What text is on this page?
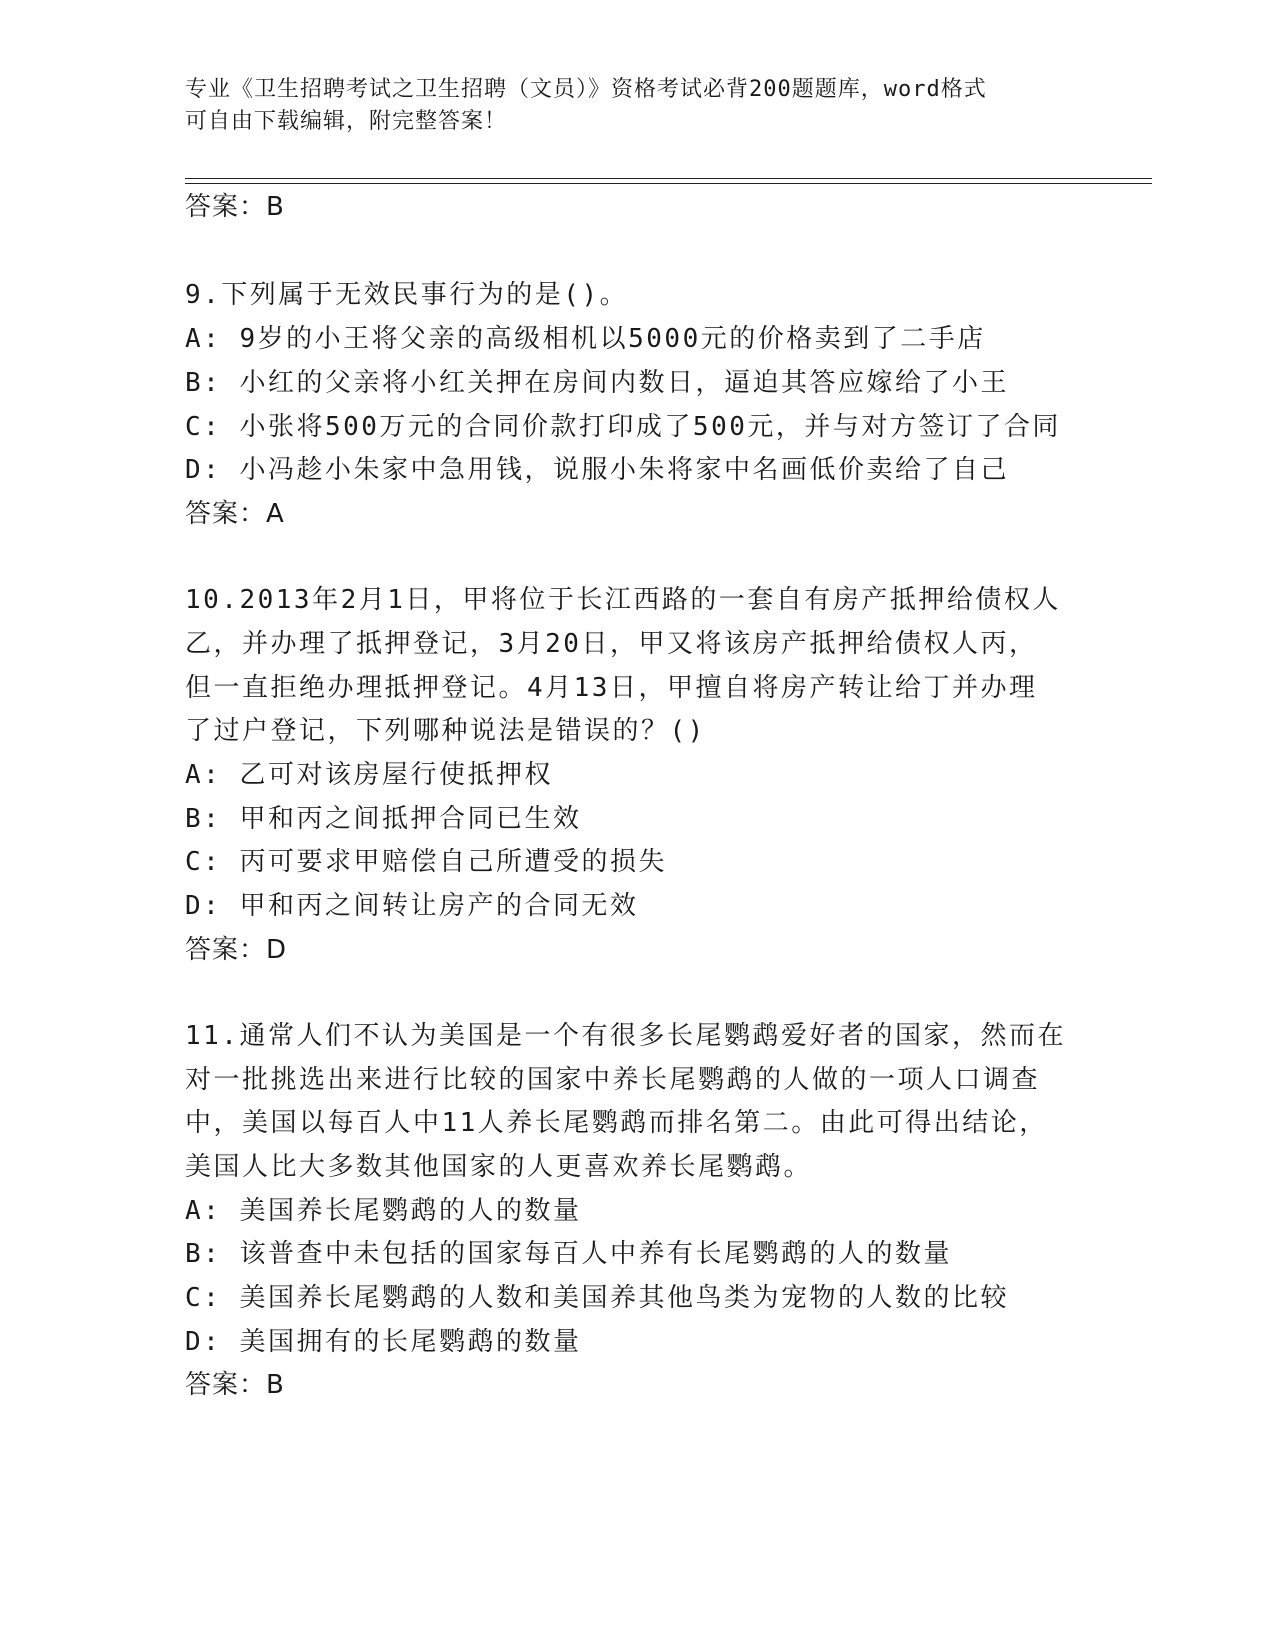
专业《卫生招聘考试之卫生招聘（文员）》资格考试必背200题题库，word格式
可自由下载编辑，附完整答案！
答案：B
9.下列属于无效民事行为的是()。
A: 9岁的小王将父亲的高级相机以5000元的价格卖到了二手店
B: 小红的父亲将小红关押在房间内数日，逼迫其答应嫁给了小王
C: 小张将500万元的合同价款打印成了500元，并与对方签订了合同
D: 小冯趁小朱家中急用钱，说服小朱将家中名画低价卖给了自己
答案：A
10.2013年2月1日，甲将位于长江西路的一套自有房产抵押给债权人
乙，并办理了抵押登记，3月20日，甲又将该房产抵押给债权人丙，
但一直拒绝办理抵押登记。4月13日，甲擅自将房产转让给丁并办理
了过户登记，下列哪种说法是错误的？()
A: 乙可对该房屋行使抵押权
B: 甲和丙之间抵押合同已生效
C: 丙可要求甲赔偿自己所遭受的损失
D: 甲和丙之间转让房产的合同无效
答案：D
11.通常人们不认为美国是一个有很多长尾鹦鹉爱好者的国家，然而在
对一批挑选出来进行比较的国家中养长尾鹦鹉的人做的一项人口调查
中，美国以每百人中11人养长尾鹦鹉而排名第二。由此可得出结论，
美国人比大多数其他国家的人更喜欢养长尾鹦鹉。
A: 美国养长尾鹦鹉的人的数量
B: 该普查中未包括的国家每百人中养有长尾鹦鹉的人的数量
C: 美国养长尾鹦鹉的人数和美国养其他鸟类为宠物的人数的比较
D: 美国拥有的长尾鹦鹉的数量
答案：B
